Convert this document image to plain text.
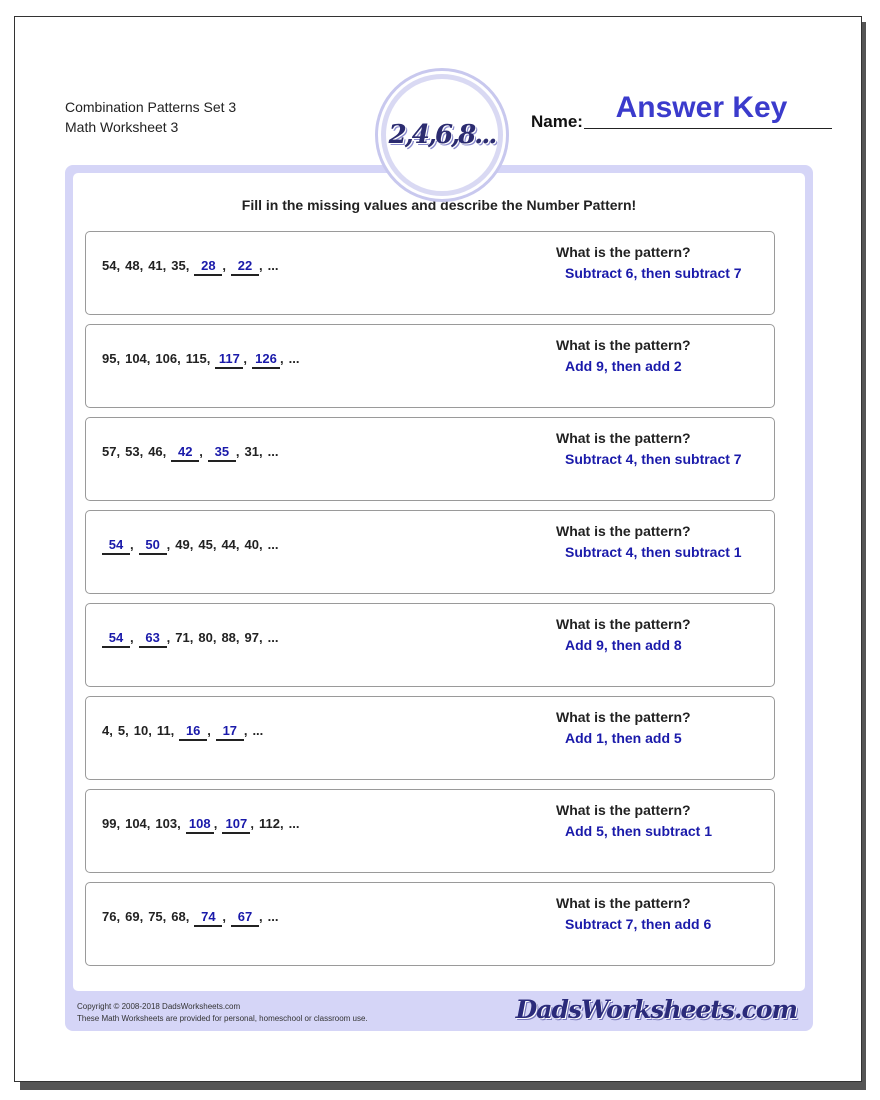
Combination Patterns Set 3
Math Worksheet 3	2,4,6,8...
Answer Key
Name:
Fill in the missing values and describe the Number Pattern!
54, 48, 41, 35, 28 , 22 , ...
What is the pattern?
Subtract 6, then subtract 7
95, 104, 106, 115, 117 , 126 , ...
What is the pattern?
Add 9, then add 2
57, 53, 46, 42 , 35 , 31, ...
What is the pattern?
Subtract 4, then subtract 7
54 , 50 , 49, 45, 44, 40, ...
What is the pattern?
Subtract 4, then subtract 1
54 , 63 , 71, 80, 88, 97, ...
What is the pattern?
Add 9, then add 8
4, 5, 10, 11, 16 , 17 , ...
What is the pattern?
Add 1, then add 5
99, 104, 103, 108 , 107 , 112, ...
What is the pattern?
Add 5, then subtract 1
76, 69, 75, 68, 74 , 67 , ...
What is the pattern?
Subtract 7, then add 6
Copyright © 2008-2018 DadsWorksheets.com
These Math Worksheets are provided for personal, homeschool or classroom use.	DadsWorksheets.com
